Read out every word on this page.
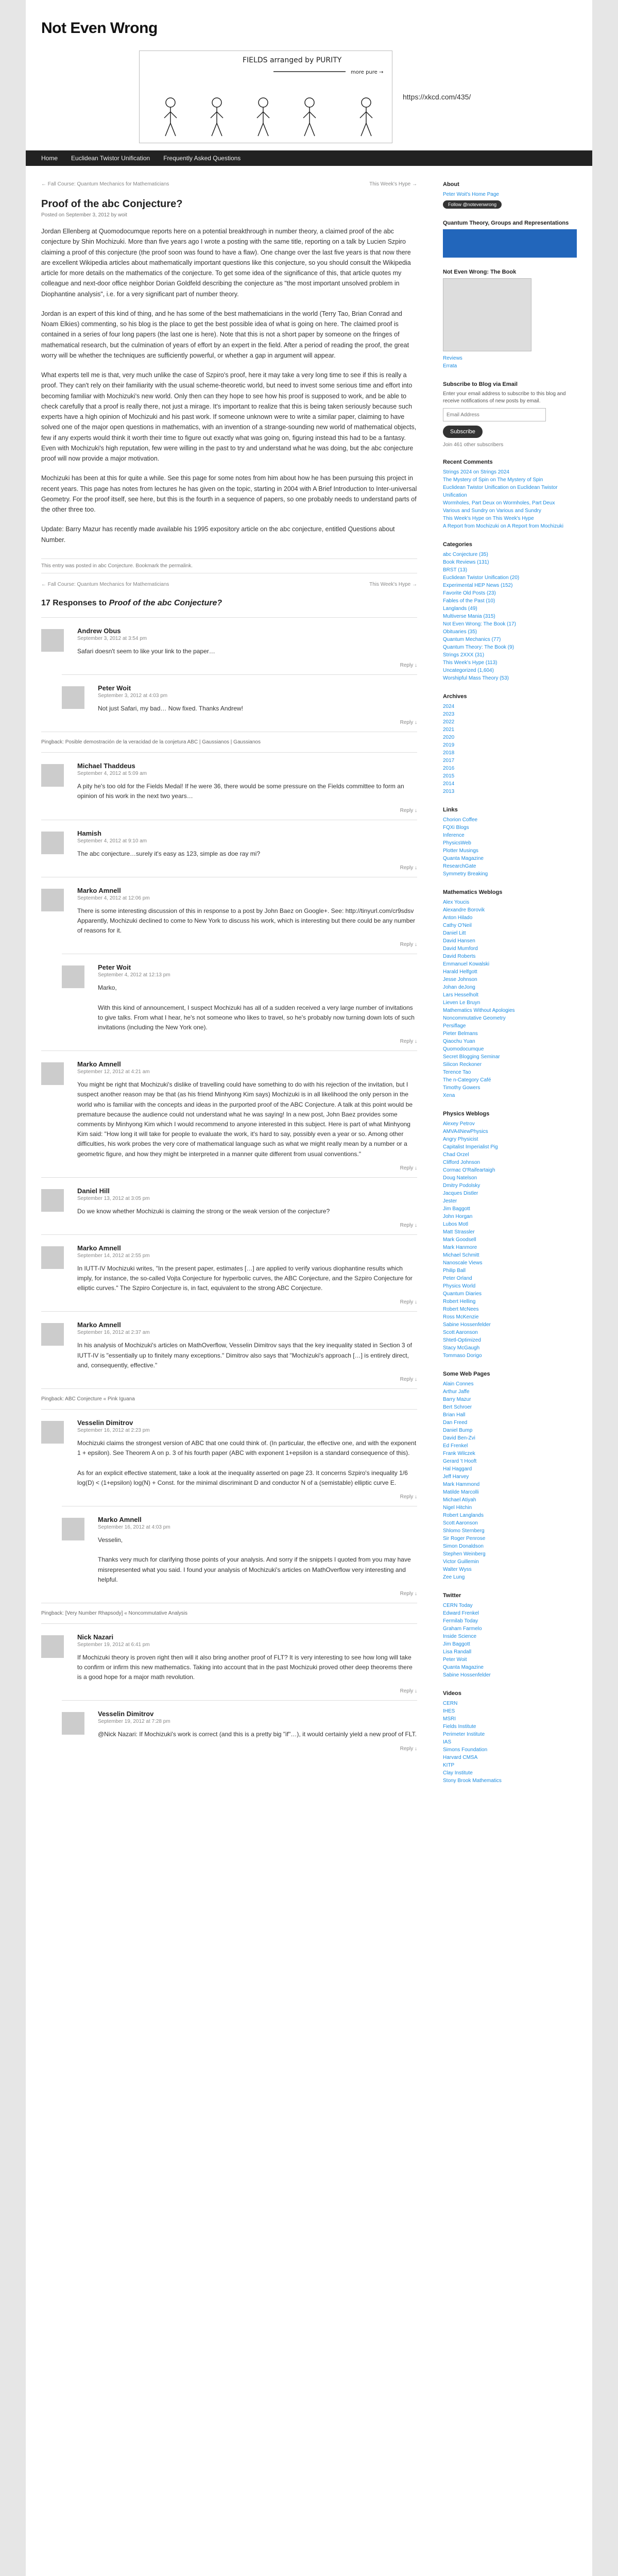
Not Even Wrong
FIELDS arranged by PURITY
more pure →
https://xkcd.com/435/
Home Euclidean Twistor Unification Frequently Asked Questions
← Fall Course: Quantum Mechanics for Mathematicians	This Week's Hype →
Proof of the abc Conjecture?
Posted on September 3, 2012 by woit

Jordan Ellenberg at Quomodocumque reports here on a potential breakthrough in number theory, a claimed proof of the abc conjecture by Shin Mochizuki. More than five years ago I wrote a posting with the same title, reporting on a talk by Lucien Szpiro claiming a proof of this conjecture (the proof soon was found to have a flaw). One change over the last five years is that now there are excellent Wikipedia articles about mathematically important questions like this conjecture, so you should consult the Wikipedia article for more details on the mathematics of the conjecture. To get some idea of the significance of this, that article quotes my colleague and next-door office neighbor Dorian Goldfeld describing the conjecture as "the most important unsolved problem in Diophantine analysis", i.e. for a very significant part of number theory.

Jordan is an expert of this kind of thing, and he has some of the best mathematicians in the world (Terry Tao, Brian Conrad and Noam Elkies) commenting, so his blog is the place to get the best possible idea of what is going on here. The claimed proof is contained in a series of four long papers (the last one is here). Note that this is not a short paper by someone on the fringes of mathematical research, but the culmination of years of effort by an expert in the field. After a period of reading the proof, the great worry will be whether the techniques are sufficiently powerful, or whether a gap in argument will appear.

What experts tell me is that, very much unlike the case of Szpiro's proof, here it may take a very long time to see if this is really a proof. They can't rely on their familiarity with the usual scheme-theoretic world, but need to invest some serious time and effort into becoming familiar with Mochizuki's new world. Only then can they hope to see how his proof is supposed to work, and be able to check carefully that a proof is really there, not just a mirage. It's important to realize that this is being taken seriously because such experts have a high opinion of Mochizuki and his past work. If someone unknown were to write a similar paper, claiming to have solved one of the major open questions in mathematics, with an invention of a strange-sounding new world of mathematical objects, few if any experts would think it worth their time to figure out exactly what was going on, figuring instead this had to be a fantasy. Even with Mochizuki's high reputation, few were willing in the past to try and understand what he was doing, but the abc conjecture proof will now provide a major motivation.

Mochizuki has been at this for quite a while. See this page for some notes from him about how he has been pursuing this project in recent years. This page has notes from lectures he has given on the topic, starting in 2004 with A Brief Introduction to Inter-universal Geometry. For the proof itself, see here, but this is the fourth in a sequence of papers, so one probably needs to understand parts of the other three too.

Update: Barry Mazur has recently made available his 1995 expository article on the abc conjecture, entitled Questions about Number.

This entry was posted in abc Conjecture. Bookmark the permalink.
← Fall Course: Quantum Mechanics for Mathematicians	This Week's Hype →
17 Responses to Proof of the abc Conjecture?
Andrew Obus
September 3, 2012 at 3:54 pm
Safari doesn't seem to like your link to the paper…
Reply ↓
Peter Woit
September 3, 2012 at 4:03 pm
Not just Safari, my bad… Now fixed. Thanks Andrew!
Reply ↓
Pingback: Posible demostración de la veracidad de la conjetura ABC | Gaussianos | Gaussianos
Michael Thaddeus
September 4, 2012 at 5:09 am
A pity he's too old for the Fields Medal! If he were 36, there would be some pressure on the Fields committee to form an opinion of his work in the next two years…
Reply ↓
Hamish
September 4, 2012 at 9:10 am
The abc conjecture…surely it's easy as 123, simple as doe ray mi?
Reply ↓
Marko Amnell
September 4, 2012 at 12:06 pm
There is some interesting discussion of this in response to a post by John Baez on Google+. See: http://tinyurl.com/cr9sdsv
Apparently, Mochizuki declined to come to New York to discuss his work, which is interesting but there could be any number of reasons for it.
Reply ↓
Peter Woit
September 4, 2012 at 12:13 pm
Marko,

With this kind of announcement, I suspect Mochizuki has all of a sudden received a very large number of invitations to give talks. From what I hear, he's not someone who likes to travel, so he's probably now turning down lots of such invitations (including the New York one).
Reply ↓
Marko Amnell
September 12, 2012 at 4:21 am
You might be right that Mochizuki's dislike of travelling could have something to do with his rejection of the invitation, but I suspect another reason may be that (as his friend Minhyong Kim says) Mochizuki is in all likelihood the only person in the world who is familiar with the concepts and ideas in the purported proof of the ABC Conjecture. A talk at this point would be premature because the audience could not understand what he was saying! In a new post, John Baez provides some comments by Minhyong Kim which I would recommend to anyone interested in this subject. Here is part of what Minhyong Kim said: "How long it will take for people to evaluate the work, it's hard to say, possibly even a year or so. Among other difficulties, his work probes the very core of mathematical language such as what we might really mean by a number or a geometric figure, and how they might be interpreted in a manner quite different from usual conventions."
Reply ↓
Daniel Hill
September 13, 2012 at 3:05 pm
Do we know whether Mochizuki is claiming the strong or the weak version of the conjecture?
Reply ↓
Marko Amnell
September 14, 2012 at 2:55 pm
In IUTT-IV Mochizuki writes, "In the present paper, estimates […] are applied to verify various diophantine results which imply, for instance, the so-called Vojta Conjecture for hyperbolic curves, the ABC Conjecture, and the Szpiro Conjecture for elliptic curves." The Szpiro Conjecture is, in fact, equivalent to the strong ABC Conjecture.
Reply ↓
Marko Amnell
September 16, 2012 at 2:37 am
In his analysis of Mochizuki's articles on MathOverflow, Vesselin Dimitrov says that the key inequality stated in Section 3 of IUTT-IV is "essentially up to finitely many exceptions." Dimitrov also says that "Mochizuki's approach […] is entirely direct, and, consequently, effective."
Reply ↓
Pingback: ABC Conjecture « Pink Iguana
Vesselin Dimitrov
September 16, 2012 at 2:23 pm
Mochizuki claims the strongest version of ABC that one could think of. (In particular, the effective one, and with the exponent 1 + epsilon). See Theorem A on p. 3 of his fourth paper (ABC with exponent 1+epsilon is a standard consequence of this).

As for an explicit effective statement, take a look at the inequality asserted on page 23. It concerns Szpiro's inequality 1/6 log(D) < (1+epsilon) log(N) + Const. for the minimal discriminant D and conductor N of a (semistable) elliptic curve E.
Reply ↓
Marko Amnell
September 16, 2012 at 4:03 pm
Vesselin,

Thanks very much for clarifying those points of your analysis. And sorry if the snippets I quoted from you may have misrepresented what you said. I found your analysis of Mochizuki's articles on MathOverflow very interesting and helpful.
Reply ↓
Pingback: [Very Number Rhapsody] « Noncommutative Analysis
Nick Nazari
September 19, 2012 at 6:41 pm
If Mochizuki theory is proven right then will it also bring another proof of FLT? It is very interesting to see how long will take to confirm or infirm this new mathematics. Taking into account that in the past Mochizuki proved other deep theorems there is a good hope for a major math revolution.
Reply ↓
Vesselin Dimitrov
September 19, 2012 at 7:28 pm
@Nick Nazari: If Mochizuki's work is correct (and this is a pretty big "if"…), it would certainly yield a new proof of FLT.
Reply ↓
About
Peter Woit's Home Page
Follow @notevenwrong
Quantum Theory, Groups and Representations
Not Even Wrong: The Book
Reviews
Errata
Subscribe to Blog via Email
Enter your email address to subscribe to this blog and receive notifications of new posts by email.
Email Address
Subscribe
Join 461 other subscribers
Recent Comments
Strings 2024 on Strings 2024
The Mystery of Spin on The Mystery of Spin
Euclidean Twistor Unification on Euclidean Twistor Unification
Wormholes, Part Deux on Wormholes, Part Deux
Various and Sundry on Various and Sundry
This Week's Hype on This Week's Hype
A Report from Mochizuki on A Report from Mochizuki
Categories
abc Conjecture (35)
Book Reviews (131)
BRST (13)
Euclidean Twistor Unification (20)
Experimental HEP News (152)
Favorite Old Posts (23)
Fables of the Past (10)
Langlands (49)
Multiverse Mania (315)
Not Even Wrong: The Book (17)
Obituaries (35)
Quantum Mechanics (77)
Quantum Theory: The Book (9)
Strings 2XXX (31)
This Week's Hype (113)
Uncategorized (1,604)
Worshipful Mass Theory (53)
Archives
2024
2023
2022
2021
2020
2019
2018
2017
2016
2015
2014
2013
Links
Chorion Coffee
FQXi Blogs
Inference
PhysicsWeb
Plotter Musings
Quanta Magazine
ResearchGate
Symmetry Breaking
Mathematics Weblogs
Alex Youcis
Alexandre Borovik
Anton Hilado
Cathy O'Neil
Daniel Litt
David Hansen
David Mumford
David Roberts
Emmanuel Kowalski
Harald Helfgott
Jesse Johnson
Johan deJong
Lars Hesselholt
Lieven Le Bruyn
Mathematics Without Apologies
Noncommutative Geometry
Persiflage
Pieter Belmans
Qiaochu Yuan
Quomodocumque
Secret Blogging Seminar
Silicon Reckoner
Terence Tao
The n-Category Café
Timothy Gowers
Xena
Physics Weblogs
Alexey Petrov
AMVA4NewPhysics
Angry Physicist
Capitalist Imperialist Pig
Chad Orzel
Clifford Johnson
Cormac O'Raifeartaigh
Doug Natelson
Dmitry Podolsky
Jacques Distler
Jester
Jim Baggott
John Horgan
Lubos Motl
Matt Strassler
Mark Goodsell
Mark Hanmore
Michael Schmitt
Nanoscale Views
Philip Ball
Peter Orland
Physics World
Quantum Diaries
Robert Helling
Robert McNees
Ross McKenzie
Sabine Hossenfelder
Scott Aaronson
Shtetl-Optimized
Stacy McGaugh
Tommaso Dorigo
Some Web Pages
Alain Connes
Arthur Jaffe
Barry Mazur
Bert Schroer
Brian Hall
Dan Freed
Daniel Bump
David Ben-Zvi
Ed Frenkel
Frank Wilczek
Gerard 't Hooft
Hal Haggard
Jeff Harvey
Mark Hammond
Matilde Marcolli
Michael Atiyah
Nigel Hitchin
Robert Langlands
Scott Aaronson
Shlomo Sternberg
Sir Roger Penrose
Simon Donaldson
Stephen Weinberg
Victor Guillemin
Walter Wyss
Zee Lung
Twitter
CERN Today
Edward Frenkel
Fermilab Today
Graham Farmelo
Inside Science
Jim Baggott
Lisa Randall
Peter Woit
Quanta Magazine
Sabine Hossenfelder
Videos
CERN
IHES
MSRI
Fields Institute
Perimeter Institute
IAS
Simons Foundation
Harvard CMSA
KITP
Clay Institute
Stony Brook Mathematics
